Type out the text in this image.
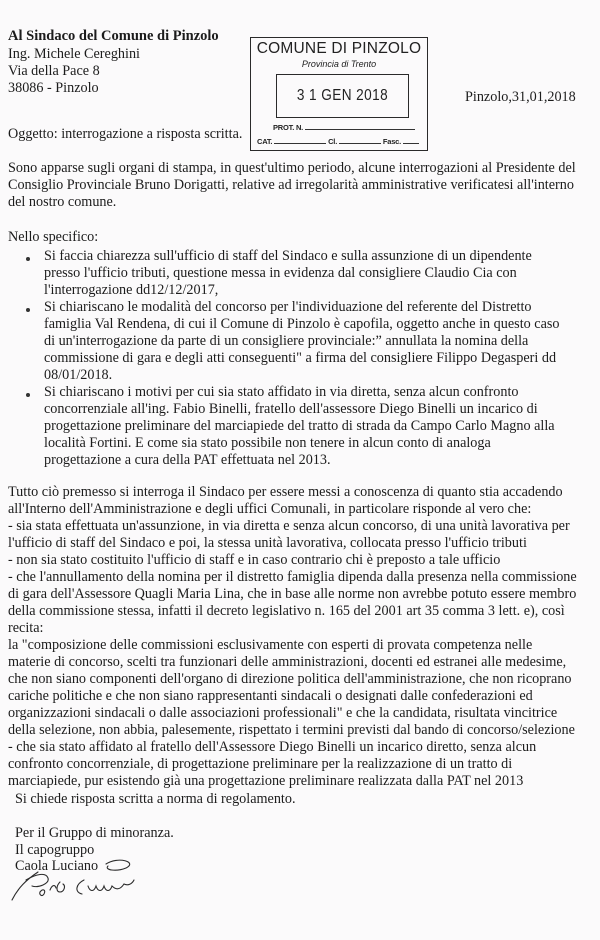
Al Sindaco del Comune di Pinzolo
Ing. Michele Cereghini
Via della Pace 8
38086 - Pinzolo
COMUNE DI PINZOLO
Provincia di Trento
3 1 GEN 2018
PROT. N.
CAT.	Cl.	Fasc.
Pinzolo,31,01,2018
Oggetto: interrogazione a risposta scritta.
Sono apparse sugli organi di stampa, in quest'ultimo periodo, alcune interrogazioni al Presidente del
Consiglio Provinciale Bruno Dorigatti, relative ad irregolarità amministrative verificatesi all'interno
del nostro comune.
Nello specifico:
Si faccia chiarezza sull'ufficio di staff del Sindaco e sulla assunzione di un dipendente
presso l'ufficio tributi, questione messa in evidenza dal consigliere Claudio Cia con
l'interrogazione dd12/12/2017,
Si chiariscano le modalità del concorso per l'individuazione del referente del Distretto
famiglia Val Rendena, di cui il Comune di Pinzolo è capofila, oggetto anche in questo caso
di un'interrogazione da parte di un consigliere provinciale:” annullata la nomina della
commissione di gara e degli atti conseguenti" a firma del consigliere Filippo Degasperi dd
08/01/2018.
Si chiariscano i motivi per cui sia stato affidato in via diretta, senza alcun confronto
concorrenziale all'ing. Fabio Binelli, fratello dell'assessore Diego Binelli un incarico di
progettazione preliminare del marciapiede del tratto di strada da Campo Carlo Magno alla
località Fortini. E come sia stato possibile non tenere in alcun conto di analoga
progettazione a cura della PAT effettuata nel 2013.
Tutto ciò premesso si interroga il Sindaco per essere messi a conoscenza di quanto stia accadendo
all'Interno dell'Amministrazione e degli uffici Comunali, in particolare risponde al vero che:
- sia stata effettuata un'assunzione, in via diretta e senza alcun concorso, di una unità lavorativa per
l'ufficio di staff del Sindaco e poi, la stessa unità lavorativa, collocata presso l'ufficio tributi
- non sia stato costituito l'ufficio di staff e in caso contrario chi è preposto a tale ufficio
- che l'annullamento della nomina per il distretto famiglia dipenda dalla presenza nella commissione
di gara dell'Assessore Quagli Maria Lina, che in base alle norme non avrebbe potuto essere membro
della commissione stessa, infatti il decreto legislativo n. 165 del 2001 art 35 comma 3 lett. e), così
recita:
la "composizione delle commissioni esclusivamente con esperti di provata competenza nelle
materie di concorso, scelti tra funzionari delle amministrazioni, docenti ed estranei alle medesime,
che non siano componenti dell'organo di direzione politica dell'amministrazione, che non ricoprano
cariche politiche e che non siano rappresentanti sindacali o designati dalle confederazioni ed
organizzazioni sindacali o dalle associazioni professionali" e che la candidata, risultata vincitrice
della selezione, non abbia, palesemente, rispettato i termini previsti dal bando di concorso/selezione
- che sia stato affidato al fratello dell'Assessore Diego Binelli un incarico diretto, senza alcun
confronto concorrenziale, di progettazione preliminare per la realizzazione di un tratto di
marciapiede, pur esistendo già una progettazione preliminare realizzata dalla PAT nel 2013
Si chiede risposta scritta a norma di regolamento.
Per il Gruppo di minoranza.
Il capogruppo
Caola Luciano
